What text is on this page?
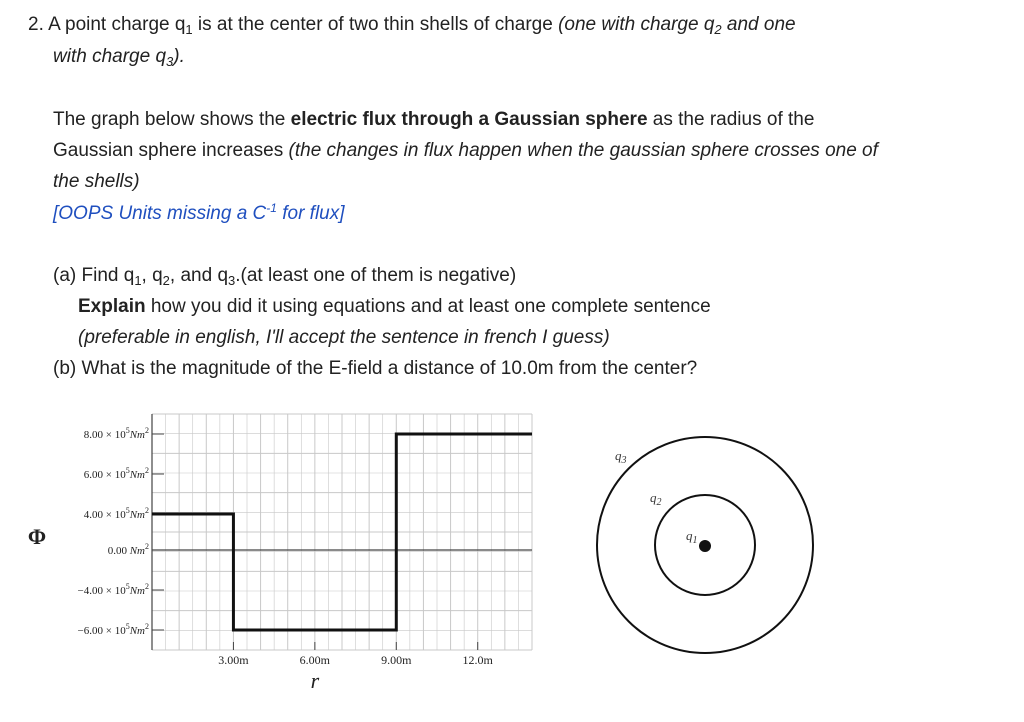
2. A point charge $q_1$ is at the center of two thin shells of charge (one with charge $q_2$ and one
with charge $q_3$).
The graph below shows the electric flux through a Gaussian sphere as the radius of the
Gaussian sphere increases (the changes in flux happen when the gaussian sphere crosses one of
the shells)
[OOPS Units missing a $C^{-1}$ for flux]
(a) Find $q_1$, $q_2$, and $q_3.(at$ least one of them is negative)
Explain how you did it using equations and at least one complete sentence
(preferable in english, I'll accept the sentence in french I guess)
(b) What is the magnitude of the E-field a distance of 10.0m from the center?
$8.00 \times 10^5Nm^2$
$6.00 \times 10^5Nm^2$
$4.00 \times 10^5Nm^2$
0.00 $Nm^2$
$-4.00 \times 10^5Nm^2$
$-6.00 \times 10^5Nm^2$
3.00m	6.00m	9.00m	12.0m
r
Φ
$q_3$
$q_2$
$q_1$
